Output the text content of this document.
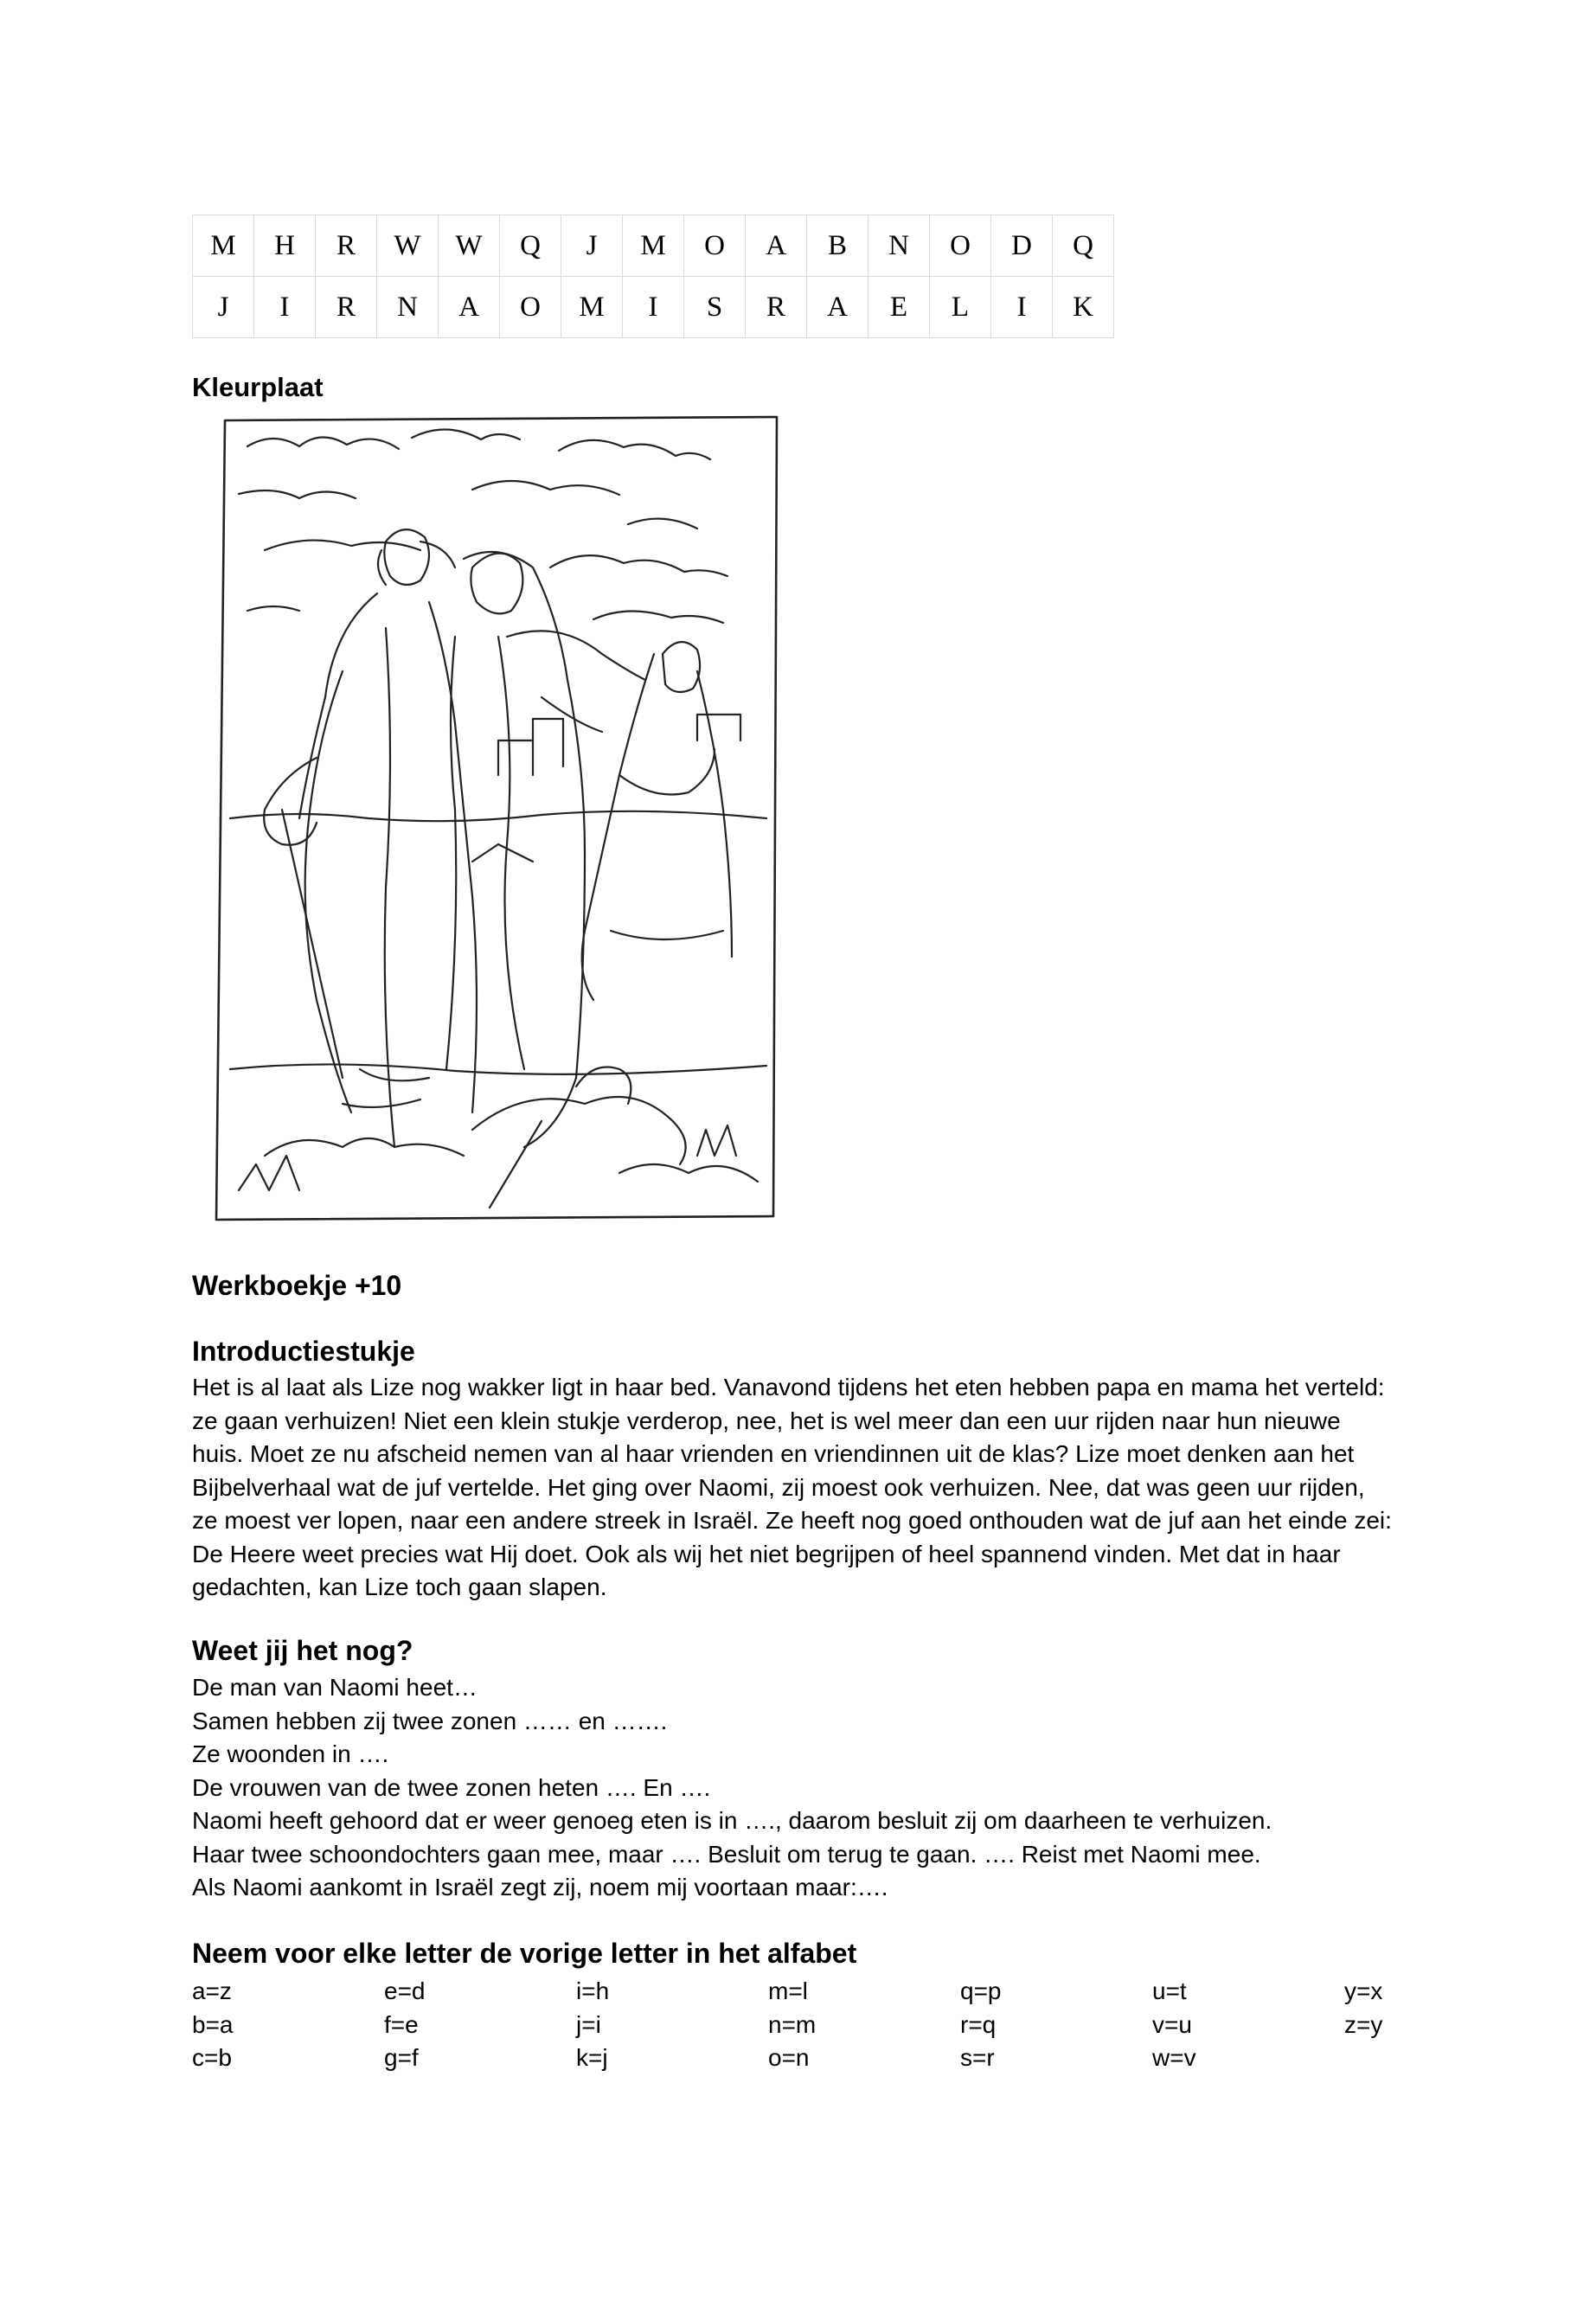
M	H	R	W	W	Q	J	M	O	A	B	N	O	D	Q
J	I	R	N	A	O	M	I	S	R	A	E	L	I	K
Kleurplaat
Werkboekje +10
Introductiestukje

Het is al laat als Lize nog wakker ligt in haar bed. Vanavond tijdens het eten hebben papa en mama het verteld:

ze gaan verhuizen! Niet een klein stukje verderop, nee, het is wel meer dan een uur rijden naar hun nieuwe

huis. Moet ze nu afscheid nemen van al haar vrienden en vriendinnen uit de klas? Lize moet denken aan het

Bijbelverhaal wat de juf vertelde. Het ging over Naomi, zij moest ook verhuizen. Nee, dat was geen uur rijden,

ze moest ver lopen, naar een andere streek in Israël. Ze heeft nog goed onthouden wat de juf aan het einde zei:

De Heere weet precies wat Hij doet. Ook als wij het niet begrijpen of heel spannend vinden. Met dat in haar

gedachten, kan Lize toch gaan slapen.

Weet jij het nog?

De man van Naomi heet…

Samen hebben zij twee zonen …… en …….

Ze woonden in ….

De vrouwen van de twee zonen heten …. En ….

Naomi heeft gehoord dat er weer genoeg eten is in …., daarom besluit zij om daarheen te verhuizen.

Haar twee schoondochters gaan mee, maar …. Besluit om terug te gaan. …. Reist met Naomi mee.

Als Naomi aankomt in Israël zegt zij, noem mij voortaan maar:….

Neem voor elke letter de vorige letter in het alfabet
a=z	e=d	i=h	m=l	q=p	u=t	y=x
b=a	f=e	j=i	n=m	r=q	v=u	z=y
c=b	g=f	k=j	o=n	s=r	w=v
